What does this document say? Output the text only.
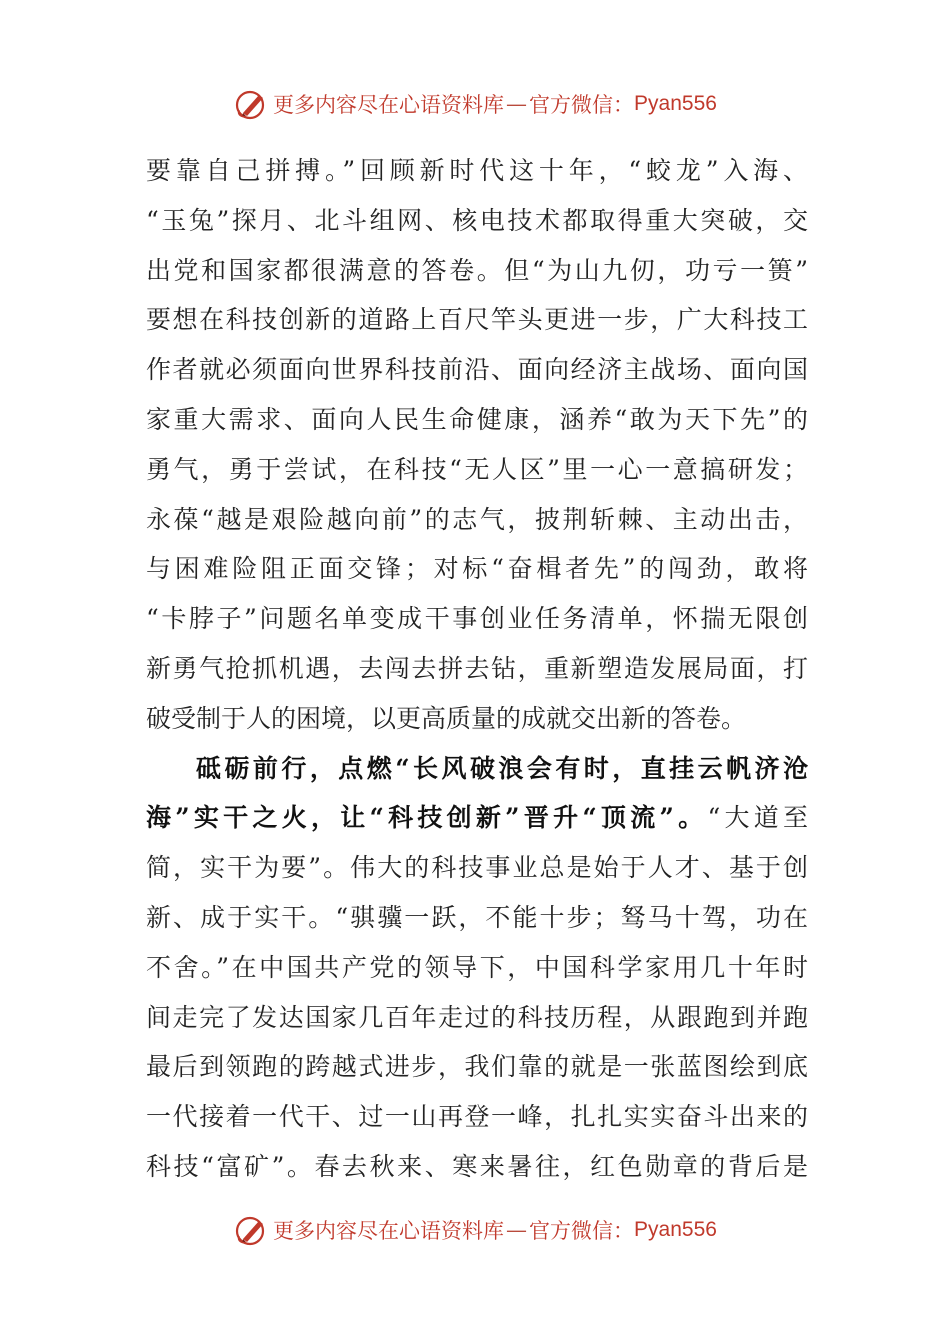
更多内容尽在心语资料库 — 官方微信： Pyan556
要靠自己拼搏。”回顾新时代这十年，“蛟龙”入海、
“玉兔”探月、北斗组网、核电技术都取得重大突破，交
出党和国家都很满意的答卷。但“为山九仞，功亏一篑”
要想在科技创新的道路上百尺竿头更进一步，广大科技工
作者就必须面向世界科技前沿、面向经济主战场、面向国
家重大需求、面向人民生命健康，涵养“敢为天下先”的
勇气，勇于尝试，在科技“无人区”里一心一意搞研发；
永葆“越是艰险越向前”的志气，披荆斩棘、主动出击，
与困难险阻正面交锋；对标“奋楫者先”的闯劲，敢将
“卡脖子”问题名单变成干事创业任务清单，怀揣无限创
新勇气抢抓机遇，去闯去拼去钻，重新塑造发展局面，打
破受制于人的困境，以更高质量的成就交出新的答卷。
砥砺前行，点燃“长风破浪会有时，直挂云帆济沧
海”实干之火，让“科技创新”晋升“顶流”。“大道至
简，实干为要”。伟大的科技事业总是始于人才、基于创
新、成于实干。“骐骥一跃，不能十步；驽马十驾，功在
不舍。”在中国共产党的领导下，中国科学家用几十年时
间走完了发达国家几百年走过的科技历程，从跟跑到并跑
最后到领跑的跨越式进步，我们靠的就是一张蓝图绘到底
一代接着一代干、过一山再登一峰，扎扎实实奋斗出来的
科技“富矿”。春去秋来、寒来暑往，红色勋章的背后是
更多内容尽在心语资料库 — 官方微信： Pyan556
